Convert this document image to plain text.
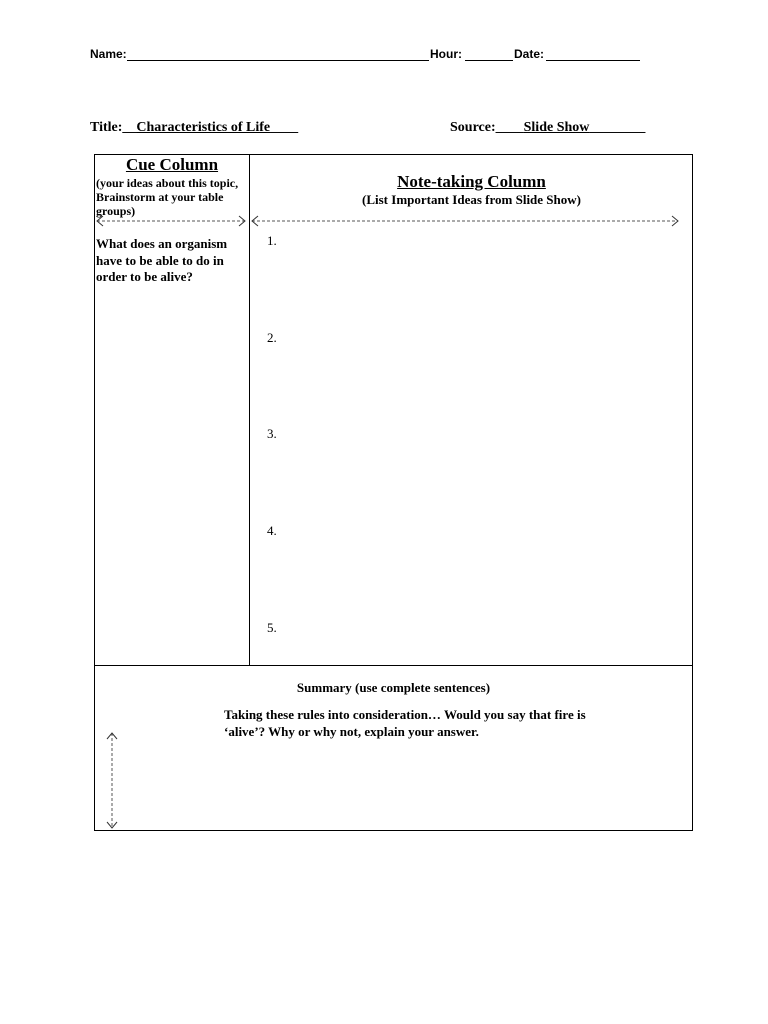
Name:	Hour:	Date:
Title:__Characteristics of Life____	Source:____Slide Show________
Cue Column
(your ideas about this topic, Brainstorm at your table groups)
What does an organism have to be able to do in order to be alive?
Note-taking Column
(List Important Ideas from Slide Show)
1.
2.
3.
4.
5.
Summary (use complete sentences)
Taking these rules into consideration… Would you say that fire is ‘alive’? Why or why not, explain your answer.
